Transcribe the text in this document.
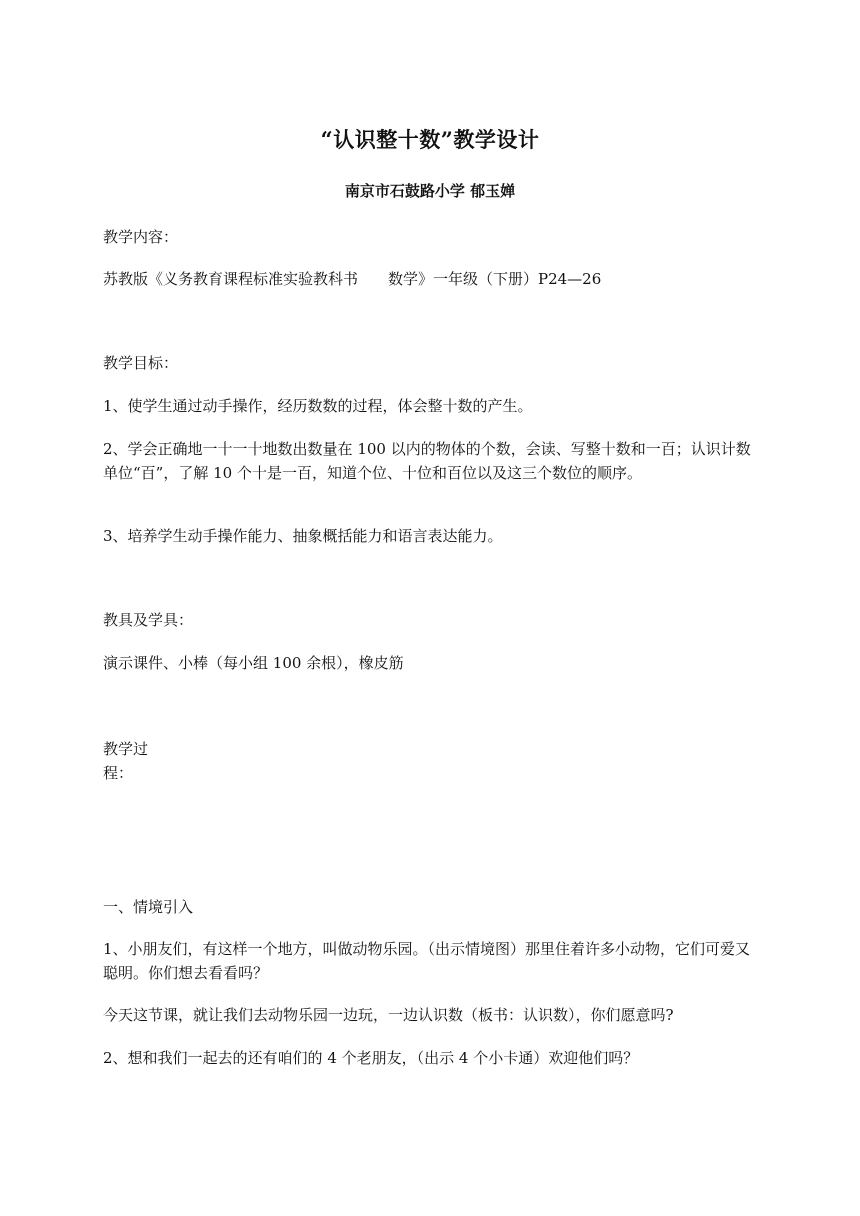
“认识整十数”教学设计
南京市石鼓路小学 郁玉婵
教学内容：
苏教版《义务教育课程标准实验教科书　　数学》一年级（下册）P24—26
教学目标：
1、使学生通过动手操作，经历数数的过程，体会整十数的产生。
2、学会正确地一十一十地数出数量在 100 以内的物体的个数，会读、写整十数和一百；认识计数单位“百”，了解 10 个十是一百，知道个位、十位和百位以及这三个数位的顺序。
3、培养学生动手操作能力、抽象概括能力和语言表达能力。
教具及学具：
演示课件、小棒（每小组 100 余根），橡皮筋
教学过程：
一、情境引入
1、小朋友们，有这样一个地方，叫做动物乐园。（出示情境图）那里住着许多小动物，它们可爱又聪明。你们想去看看吗？
今天这节课，就让我们去动物乐园一边玩，一边认识数（板书：认识数），你们愿意吗?
2、想和我们一起去的还有咱们的 4 个老朋友，（出示 4 个小卡通）欢迎他们吗？
